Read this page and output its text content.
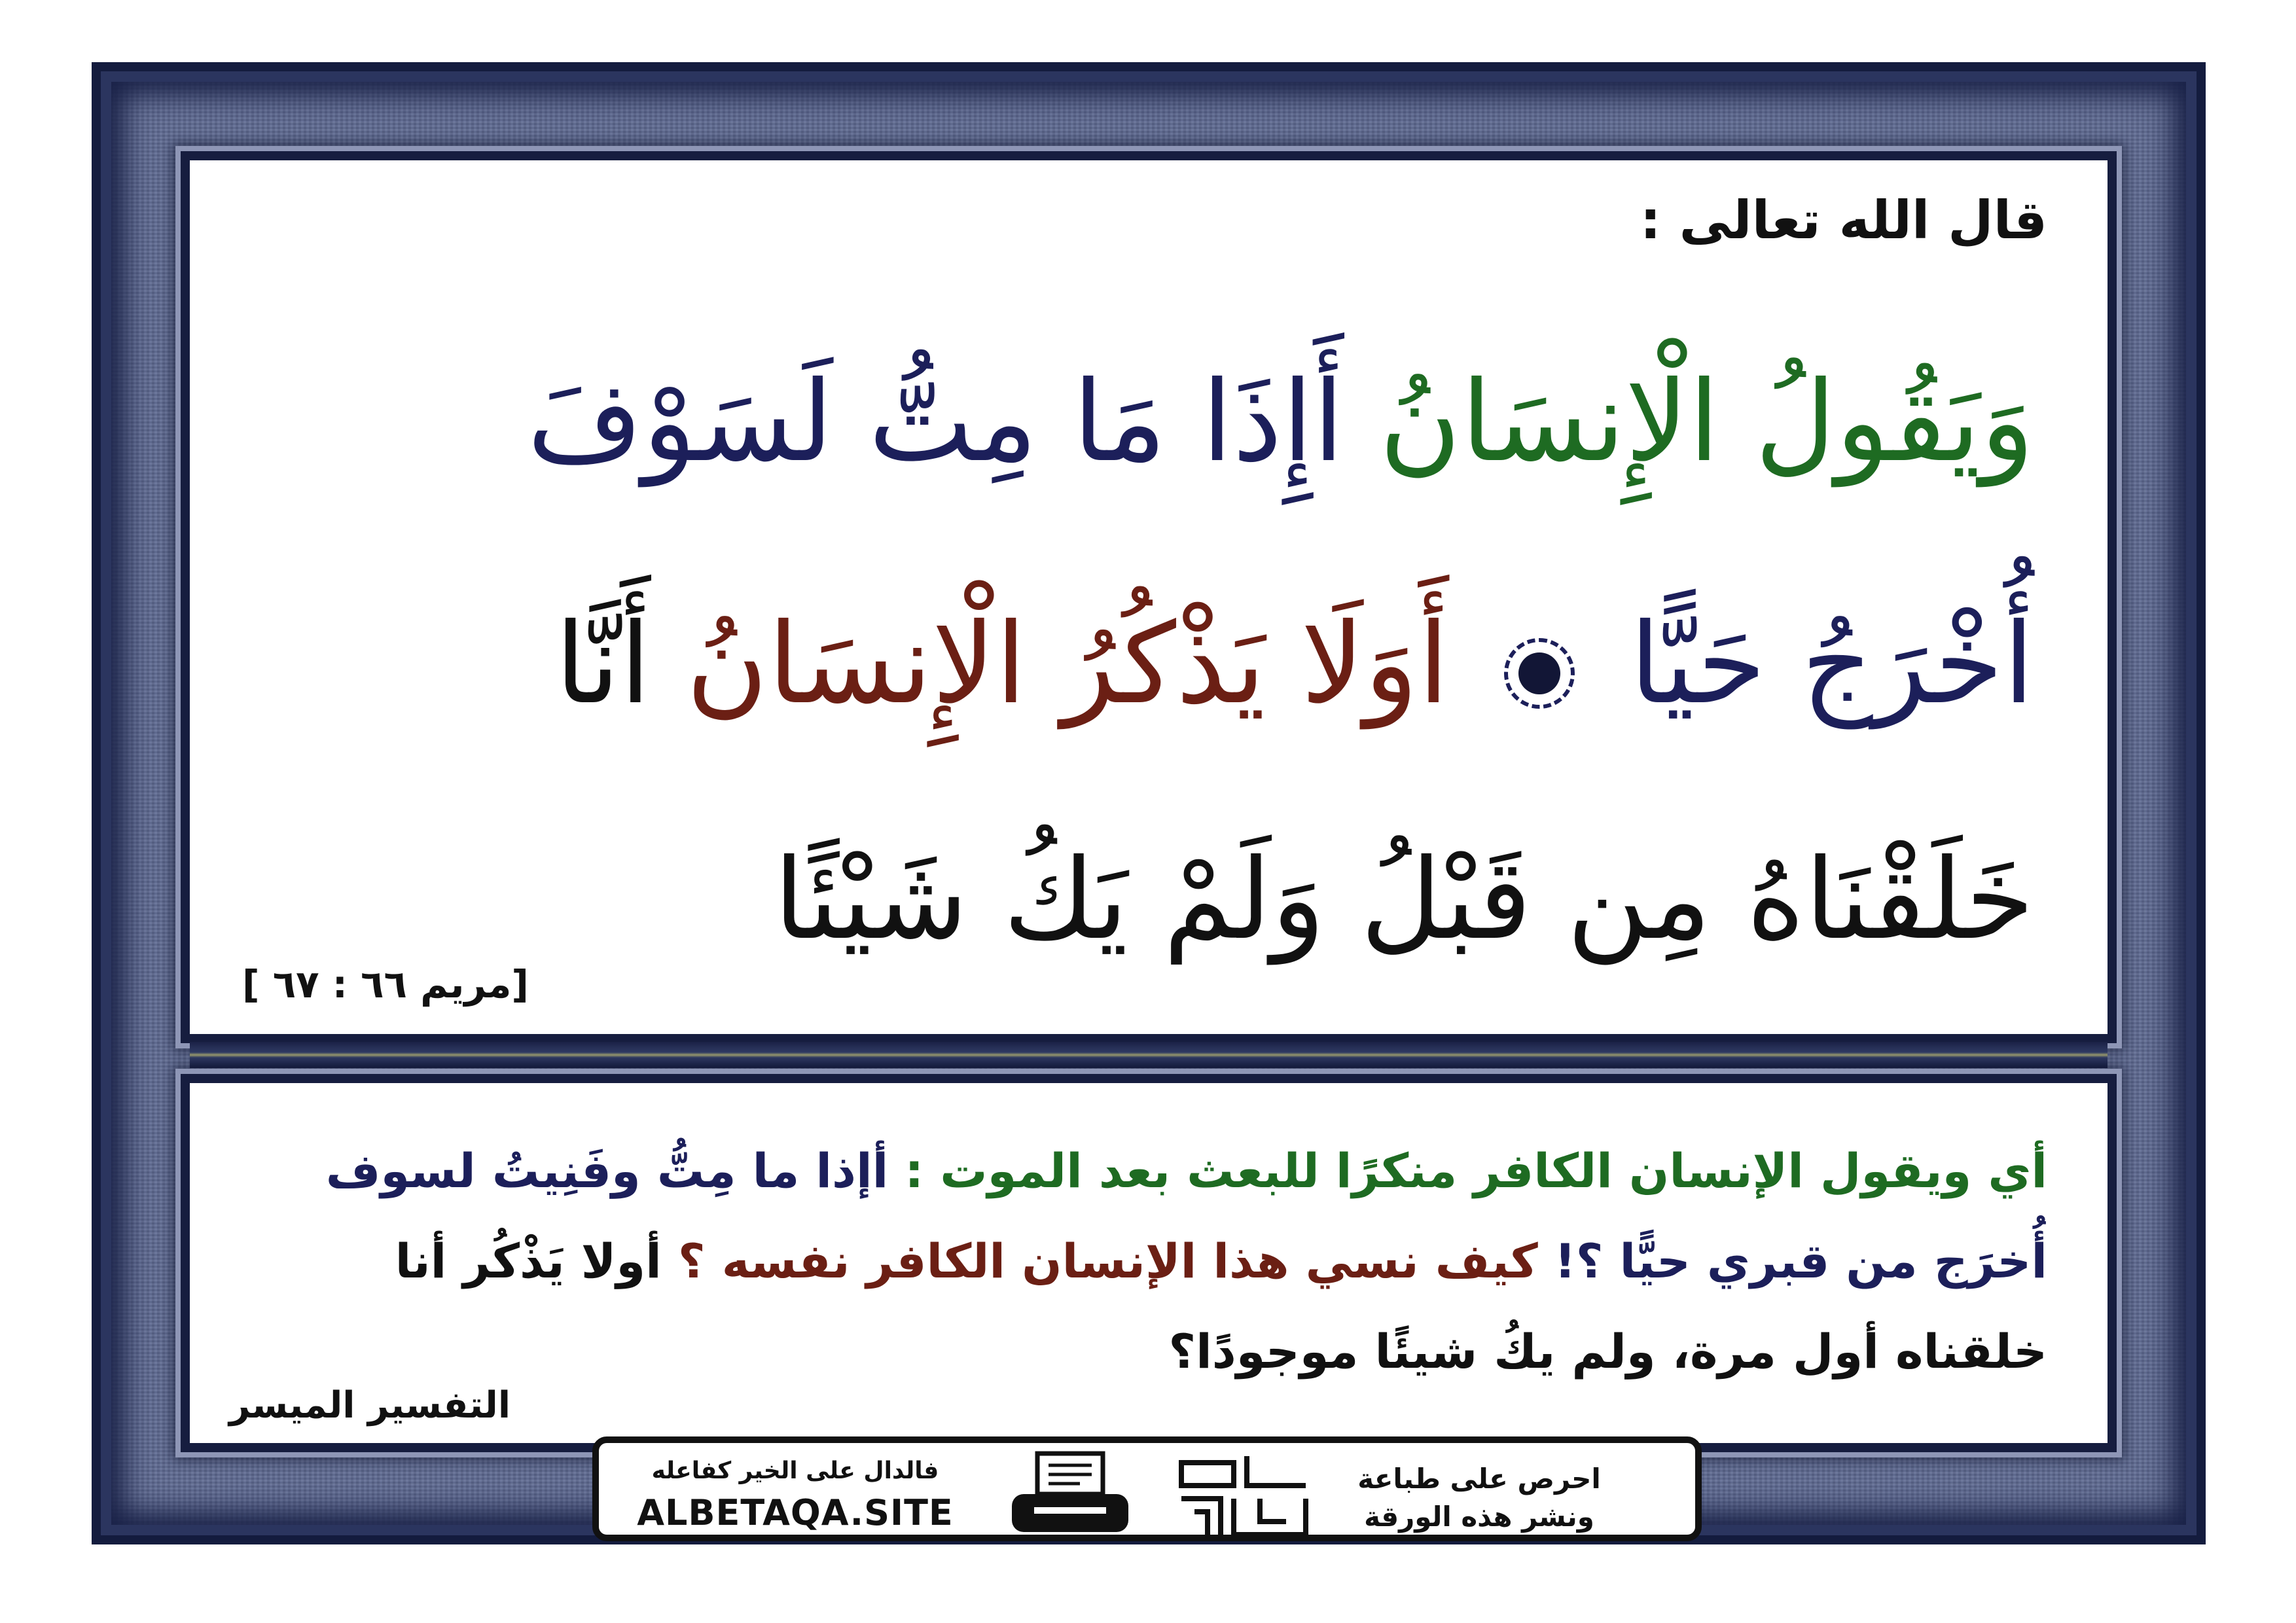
قال الله تعالى :
وَيَقُولُ الْإِنسَانُ أَإِذَا مَا مِتُّ لَسَوْفَ
أُخْرَجُ حَيًّا  أَوَلَا يَذْكُرُ الْإِنسَانُ أَنَّا
خَلَقْنَاهُ مِن قَبْلُ وَلَمْ يَكُ شَيْئًا
[مريم ٦٦ : ٦٧ ]
أي ويقول الإنسان الكافر منكرًا للبعث بعد الموت : أإذا ما مِتُّ وفَنِيتُ لسوف أُخرَج من قبري حيًّا ؟! كيف نسي هذا الإنسان الكافر نفسه ؟ أولا يَذْكُر أنا خلقناه أول مرة، ولم يكُ شيئًا موجودًا؟
التفسير الميسر
فالدال على الخير كفاعله
ALBETAQA.SITE
دعوة الورقة
احرص على طباعة
ونشر هذه الورقة
